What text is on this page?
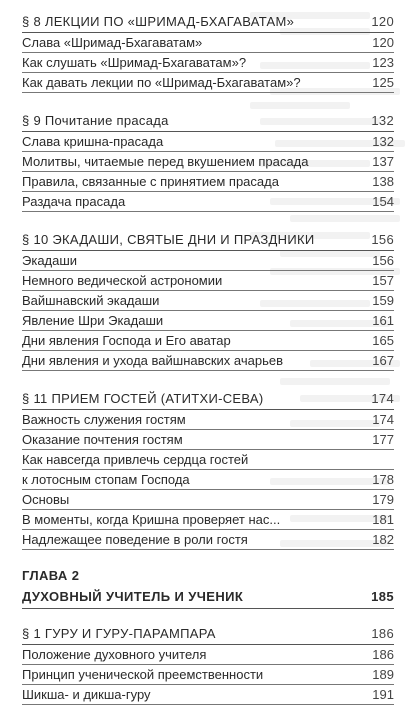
§ 8 ЛЕКЦИИ ПО «ШРИМАД-БХАГАВАТАМ»	120
Слава «Шримад-Бхагаватам»	120
Как слушать «Шримад-Бхагаватам»?	123
Как давать лекции по «Шримад-Бхагаватам»?	125
§ 9 Почитание прасада	132
Слава кришна-прасада	132
Молитвы, читаемые перед вкушением прасада	137
Правила, связанные с принятием прасада	138
Раздача прасада	154
§ 10 ЭКАДАШИ, СВЯТЫЕ ДНИ И ПРАЗДНИКИ	156
Экадаши	156
Немного ведической астрономии	157
Вайшнавский экадаши	159
Явление Шри Экадаши	161
Дни явления Господа и Его аватар	165
Дни явления и ухода вайшнавских ачарьев	167
§ 11 ПРИЕМ ГОСТЕЙ (АТИТХИ-СЕВА)	174
Важность служения гостям	174
Оказание почтения гостям	177
Как навсегда привлечь сердца гостей
к лотосным стопам Господа	178
Основы	179
В моменты, когда Кришна проверяет нас...	181
Надлежащее поведение в роли гостя	182
ГЛАВА 2
ДУХОВНЫЙ УЧИТЕЛЬ И УЧЕНИК	185
§ 1 ГУРУ И ГУРУ-ПАРАМПАРА	186
Положение духовного учителя	186
Принцип ученической преемственности	189
Шикша- и дикша-гуру	191
